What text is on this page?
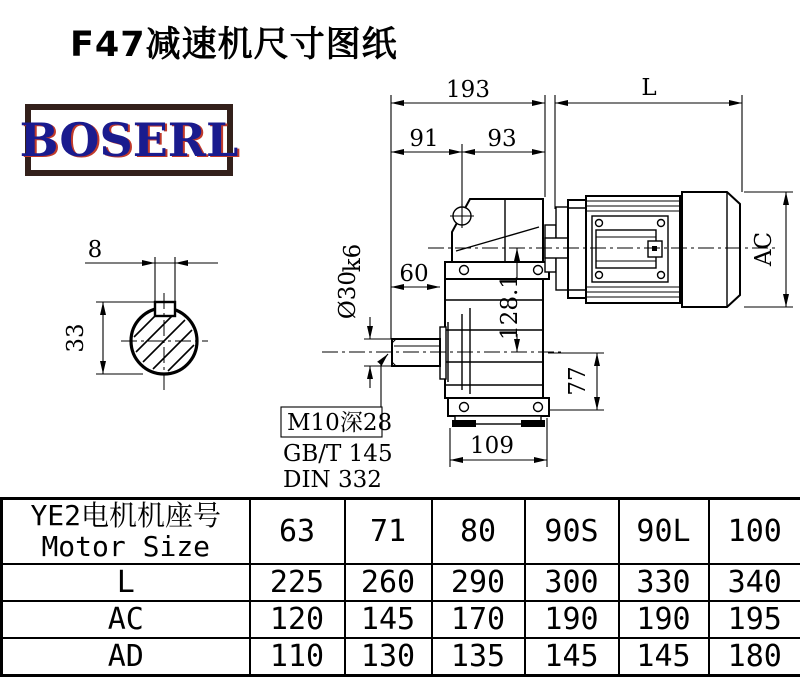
F47减速机尺寸图纸
BOSERL
193	L
91 93
60
109
8
33
Ø30
k6
128.1
77
AC
M10深28
GB/T 145
DIN 332
YE2电机机座号
Motor Size	63	71	80	90S	90L	100
L	225	260	290	300	330	340
AC	120	145	170	190	190	195
AD	110	130	135	145	145	180
